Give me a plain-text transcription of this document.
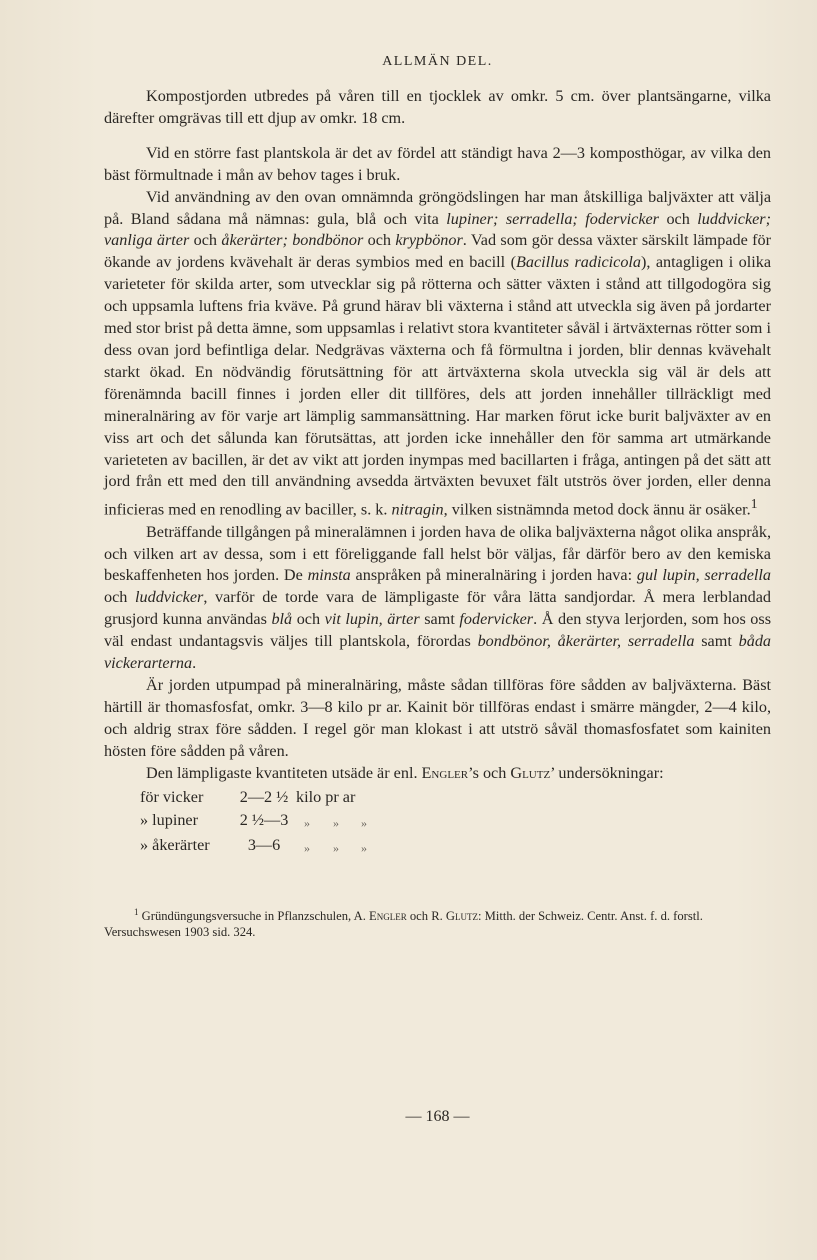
ALLMÄN DEL.

Kompostjorden utbredes på våren till en tjocklek av omkr. 5 cm. över plantsängarne, vilka därefter omgrävas till ett djup av omkr. 18 cm.

Vid en större fast plantskola är det av fördel att ständigt hava 2—3 komposthögar, av vilka den bäst förmultnade i mån av behov tages i bruk.

Vid användning av den ovan omnämnda gröngödslingen har man åtskilliga baljväxter att välja på. Bland sådana må nämnas: gula, blå och vita lupiner; serradella; fodervicker och luddvicker; vanliga ärter och åkerärter; bondbönor och krypbönor. Vad som gör dessa växter särskilt lämpade för ökande av jordens kvävehalt är deras symbios med en bacill (Bacillus radicicola), antagligen i olika varieteter för skilda arter, som utvecklar sig på rötterna och sätter växten i stånd att tillgodogöra sig och uppsamla luftens fria kväve. På grund härav bli växterna i stånd att utveckla sig även på jordarter med stor brist på detta ämne, som uppsamlas i relativt stora kvantiteter såväl i ärtväxternas rötter som i dess ovan jord befintliga delar. Nedgrävas växterna och få förmultna i jorden, blir dennas kvävehalt starkt ökad. En nödvändig förutsättning för att ärtväxterna skola utveckla sig väl är dels att förenämnda bacill finnes i jorden eller dit tillföres, dels att jorden innehåller tillräckligt med mineralnäring av för varje art lämplig sammansättning. Har marken förut icke burit baljväxter av en viss art och det sålunda kan förutsättas, att jorden icke innehåller den för samma art utmärkande varieteten av bacillen, är det av vikt att jorden inympas med bacillarten i fråga, antingen på det sätt att jord från ett med den till användning avsedda ärtväxten bevuxet fält utströs över jorden, eller denna inficieras med en renodling av baciller, s. k. nitragin, vilken sistnämnda metod dock ännu är osäker.$^1$

Beträffande tillgången på mineralämnen i jorden hava de olika baljväxterna något olika anspråk, och vilken art av dessa, som i ett föreliggande fall helst bör väljas, får därför bero av den kemiska beskaffenheten hos jorden. De minsta anspråken på mineralnäring i jorden hava: gul lupin, serradella och luddvicker, varför de torde vara de lämpligaste för våra lätta sandjordar. Å mera lerblandad grusjord kunna användas blå och vit lupin, ärter samt fodervicker. Å den styva lerjorden, som hos oss väl endast undantagsvis väljes till plantskola, förordas bondbönor, åkerärter, serradella samt båda vickerarterna.

Är jorden utpumpad på mineralnäring, måste sådan tillföras före sådden av baljväxterna. Bäst härtill är thomasfosfat, omkr. 3—8 kilo pr ar. Kainit bör tillföras endast i smärre mängder, 2—4 kilo, och aldrig strax före sådden. I regel gör man klokast i att utströ såväl thomasfosfatet som kainiten hösten före sådden på våren.

Den lämpligaste kvantiteten utsäde är enl. Engler’s och Glutz’ undersökningar:

för vicker	2—2 ½ kilo pr ar
» lupiner	2 ½—3	»	»	»
» åkerärter	3—6	»	»	»
$^1$ Gründüngungsversuche in Pflanzschulen, A. Engler och R. Glutz: Mitth. der Schweiz. Centr. Anst. f. d. forstl. Versuchswesen 1903 sid. 324.
— 168 —
